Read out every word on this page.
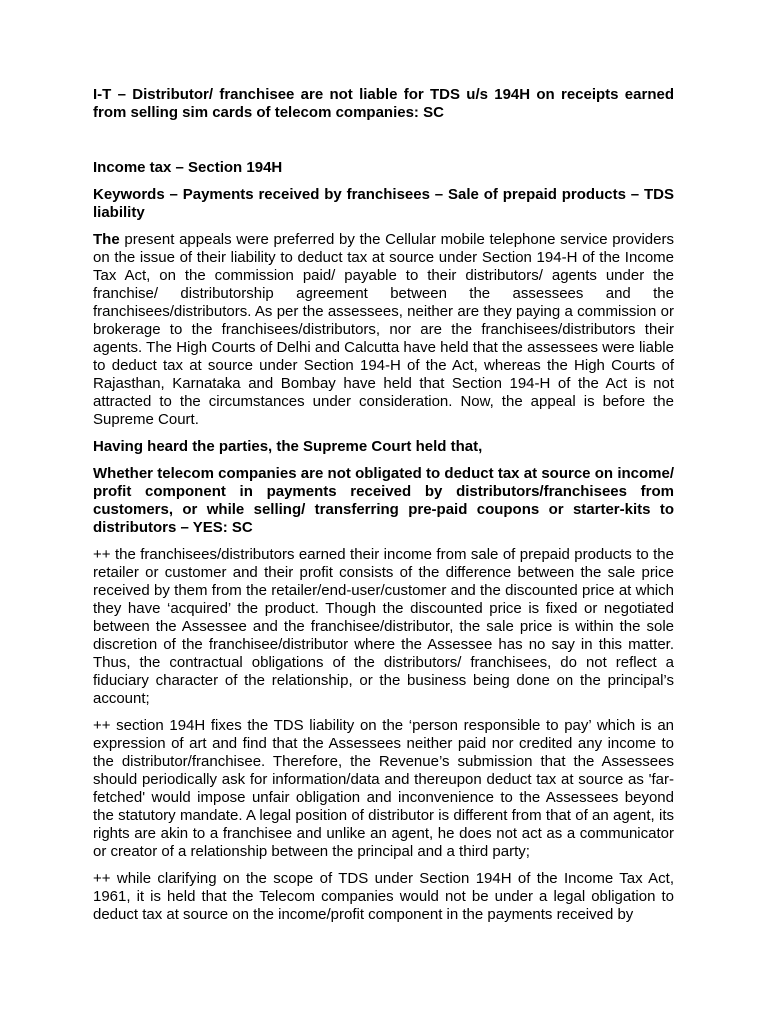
I-T – Distributor/ franchisee are not liable for TDS u/s 194H on receipts earned from selling sim cards of telecom companies: SC

Income tax – Section 194H

Keywords – Payments received by franchisees – Sale of prepaid products – TDS liability

The present appeals were preferred by the Cellular mobile telephone service providers on the issue of their liability to deduct tax at source under Section 194-H of the Income Tax Act, on the commission paid/ payable to their distributors/ agents under the franchise/ distributorship agreement between the assessees and the franchisees/distributors. As per the assessees, neither are they paying a commission or brokerage to the franchisees/distributors, nor are the franchisees/distributors their agents. The High Courts of Delhi and Calcutta have held that the assessees were liable to deduct tax at source under Section 194-H of the Act, whereas the High Courts of Rajasthan, Karnataka and Bombay have held that Section 194-H of the Act is not attracted to the circumstances under consideration. Now, the appeal is before the Supreme Court.

Having heard the parties, the Supreme Court held that,

Whether telecom companies are not obligated to deduct tax at source on income/ profit component in payments received by distributors/franchisees from customers, or while selling/ transferring pre-paid coupons or starter-kits to distributors – YES: SC

++ the franchisees/distributors earned their income from sale of prepaid products to the retailer or customer and their profit consists of the difference between the sale price received by them from the retailer/end-user/customer and the discounted price at which they have ‘acquired’ the product. Though the discounted price is fixed or negotiated between the Assessee and the franchisee/distributor, the sale price is within the sole discretion of the franchisee/distributor where the Assessee has no say in this matter. Thus, the contractual obligations of the distributors/ franchisees, do not reflect a fiduciary character of the relationship, or the business being done on the principal’s account;

++ section 194H fixes the TDS liability on the ‘person responsible to pay’ which is an expression of art and find that the Assessees neither paid nor credited any income to the distributor/franchisee. Therefore, the Revenue’s submission that the Assessees should periodically ask for information/data and thereupon deduct tax at source as 'far-fetched' would impose unfair obligation and inconvenience to the Assessees beyond the statutory mandate. A legal position of distributor is different from that of an agent, its rights are akin to a franchisee and unlike an agent, he does not act as a communicator or creator of a relationship between the principal and a third party;

++ while clarifying on the scope of TDS under Section 194H of the Income Tax Act, 1961, it is held that the Telecom companies would not be under a legal obligation to deduct tax at source on the income/profit component in the payments received by
